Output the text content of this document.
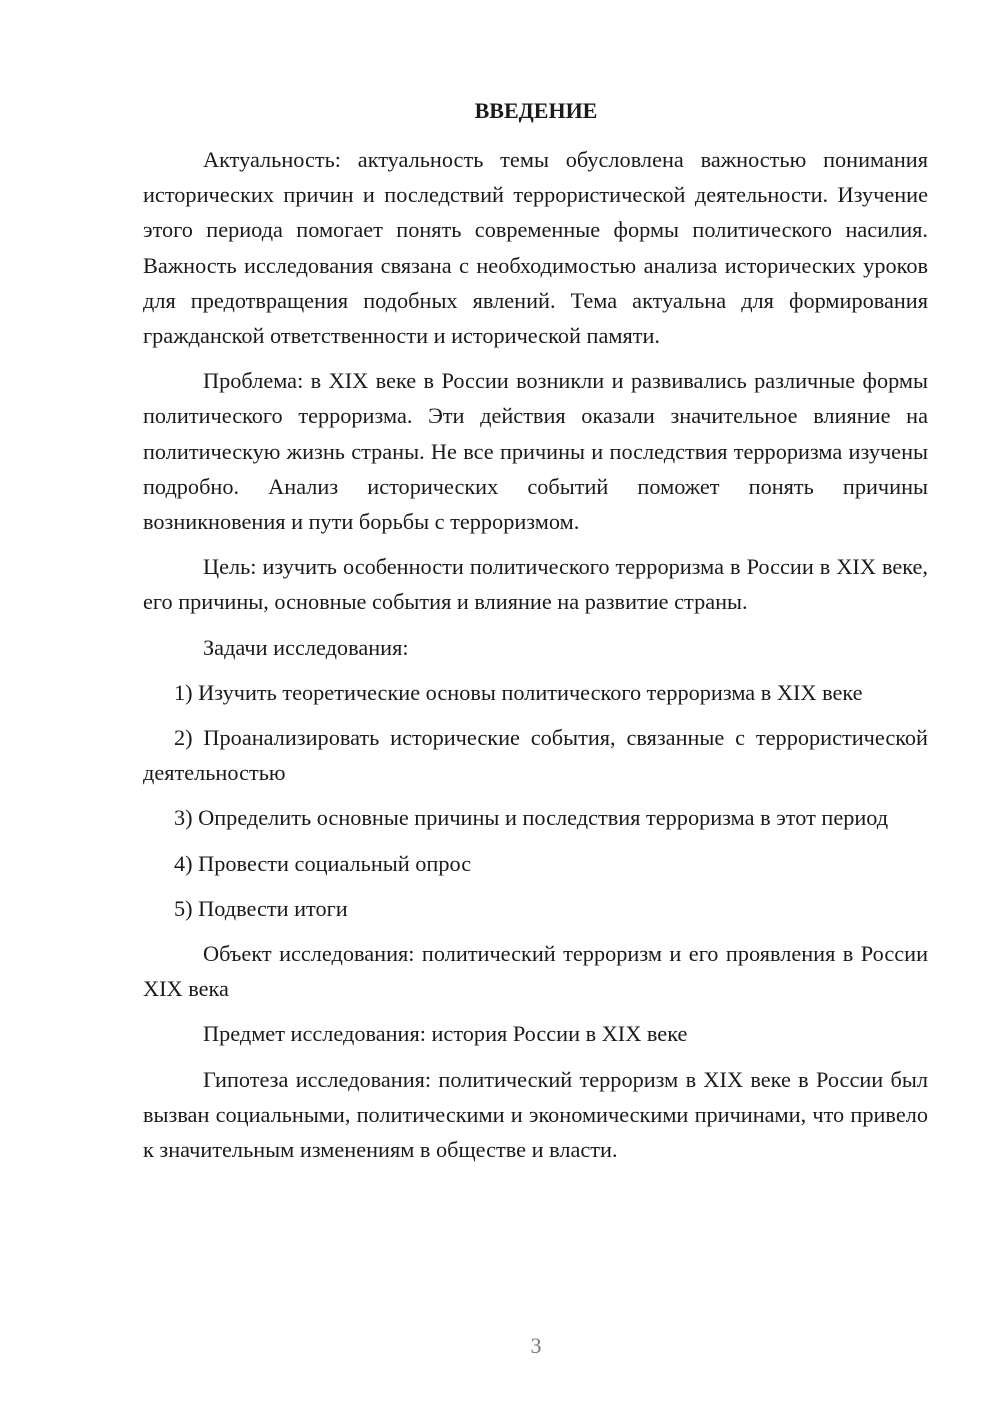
ВВЕДЕНИЕ

Актуальность: актуальность темы обусловлена важностью понимания исторических причин и последствий террористической деятельности. Изучение этого периода помогает понять современные формы политического насилия. Важность исследования связана с необходимостью анализа исторических уроков для предотвращения подобных явлений. Тема актуальна для формирования гражданской ответственности и исторической памяти.

Проблема: в XIX веке в России возникли и развивались различные формы политического терроризма. Эти действия оказали значительное влияние на политическую жизнь страны. Не все причины и последствия терроризма изучены подробно. Анализ исторических событий поможет понять причины возникновения и пути борьбы с терроризмом.

Цель: изучить особенности политического терроризма в России в XIX веке, его причины, основные события и влияние на развитие страны.

Задачи исследования:

1) Изучить теоретические основы политического терроризма в XIX веке

2) Проанализировать исторические события, связанные с террористической деятельностью

3) Определить основные причины и последствия терроризма в этот период

4) Провести социальный опрос

5) Подвести итоги

Объект исследования: политический терроризм и его проявления в России XIX века

Предмет исследования: история России в XIX веке

Гипотеза исследования: политический терроризм в XIX веке в России был вызван социальными, политическими и экономическими причинами, что привело к значительным изменениям в обществе и власти.

3
